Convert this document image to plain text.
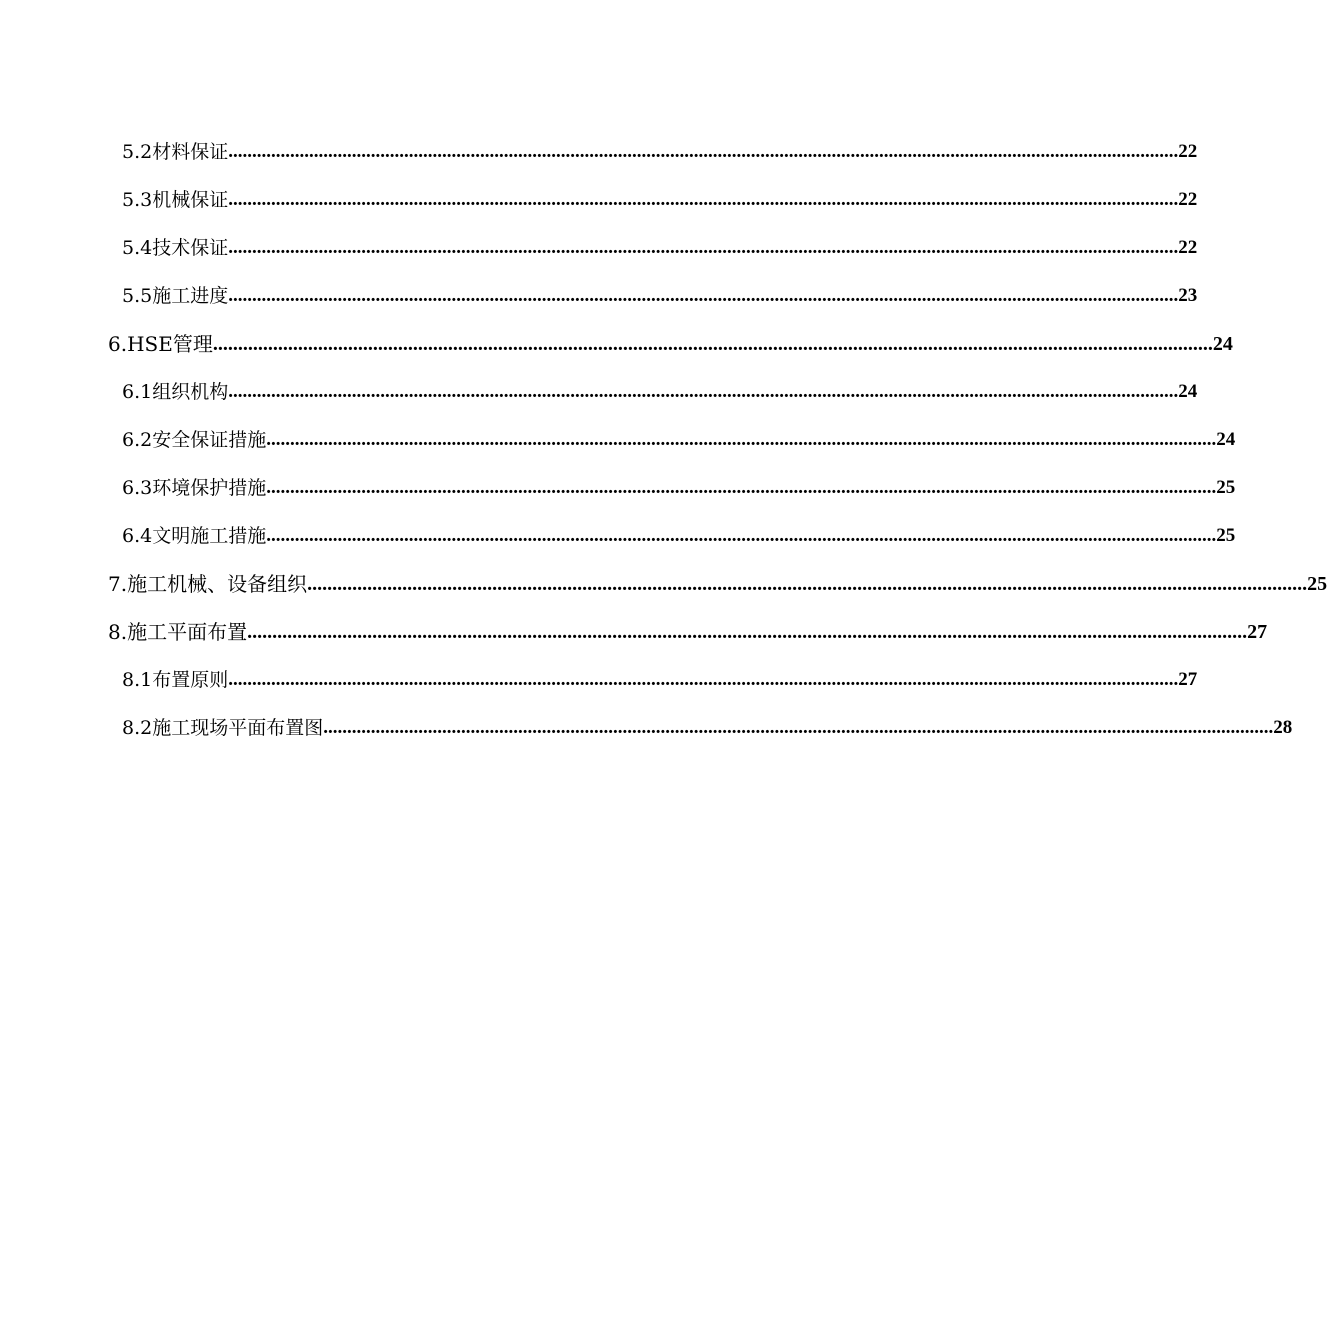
5.2材料保证 ........................................................................................................................................................................................................ 22
5.3机械保证 ........................................................................................................................................................................................................ 22
5.4技术保证 ........................................................................................................................................................................................................ 22
5.5施工进度 ........................................................................................................................................................................................................ 23
6.HSE管理 ........................................................................................................................................................................................................ 24
6.1组织机构 ........................................................................................................................................................................................................ 24
6.2安全保证措施 ........................................................................................................................................................................................................ 24
6.3环境保护措施 ........................................................................................................................................................................................................ 25
6.4文明施工措施 ........................................................................................................................................................................................................ 25
7.施工机械、设备组织 ........................................................................................................................................................................................................ 25
8.施工平面布置 ........................................................................................................................................................................................................ 27
8.1布置原则 ........................................................................................................................................................................................................ 27
8.2施工现场平面布置图 ........................................................................................................................................................................................................ 28
